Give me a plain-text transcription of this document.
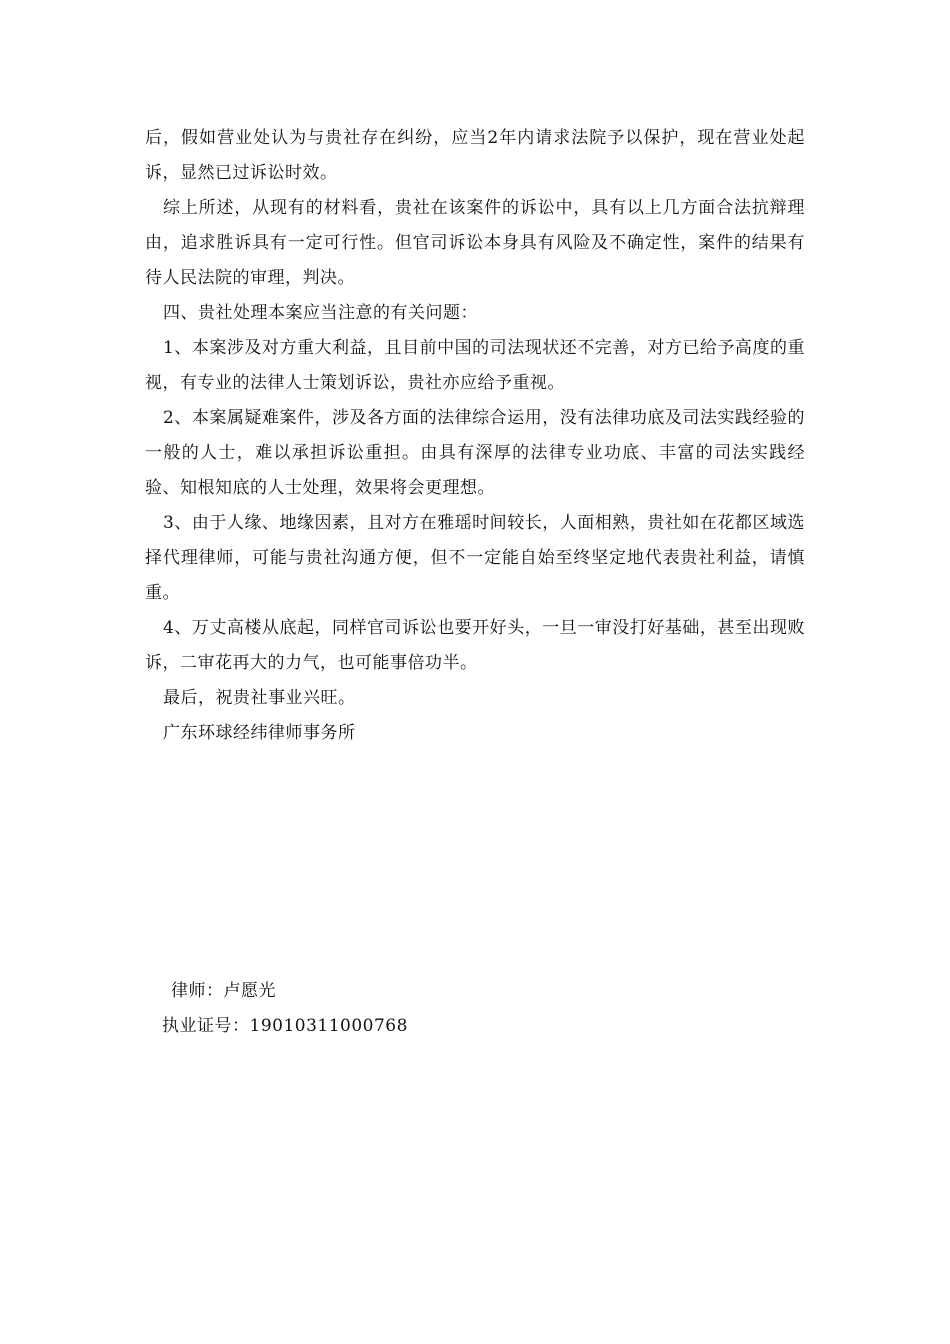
后，假如营业处认为与贵社存在纠纷，应当2年内请求法院予以保护，现在营业处起诉，显然已过诉讼时效。

综上所述，从现有的材料看，贵社在该案件的诉讼中，具有以上几方面合法抗辩理由，追求胜诉具有一定可行性。但官司诉讼本身具有风险及不确定性，案件的结果有待人民法院的审理，判决。

四、贵社处理本案应当注意的有关问题：

1、本案涉及对方重大利益，且目前中国的司法现状还不完善，对方已给予高度的重视，有专业的法律人士策划诉讼，贵社亦应给予重视。

2、本案属疑难案件，涉及各方面的法律综合运用，没有法律功底及司法实践经验的一般的人士，难以承担诉讼重担。由具有深厚的法律专业功底、丰富的司法实践经验、知根知底的人士处理，效果将会更理想。

3、由于人缘、地缘因素，且对方在雅瑶时间较长，人面相熟，贵社如在花都区域选择代理律师，可能与贵社沟通方便，但不一定能自始至终坚定地代表贵社利益，请慎重。

4、万丈高楼从底起，同样官司诉讼也要开好头，一旦一审没打好基础，甚至出现败诉，二审花再大的力气，也可能事倍功半。

最后，祝贵社事业兴旺。

广东环球经纬律师事务所

律师：卢愿光

执业证号：19010311000768
